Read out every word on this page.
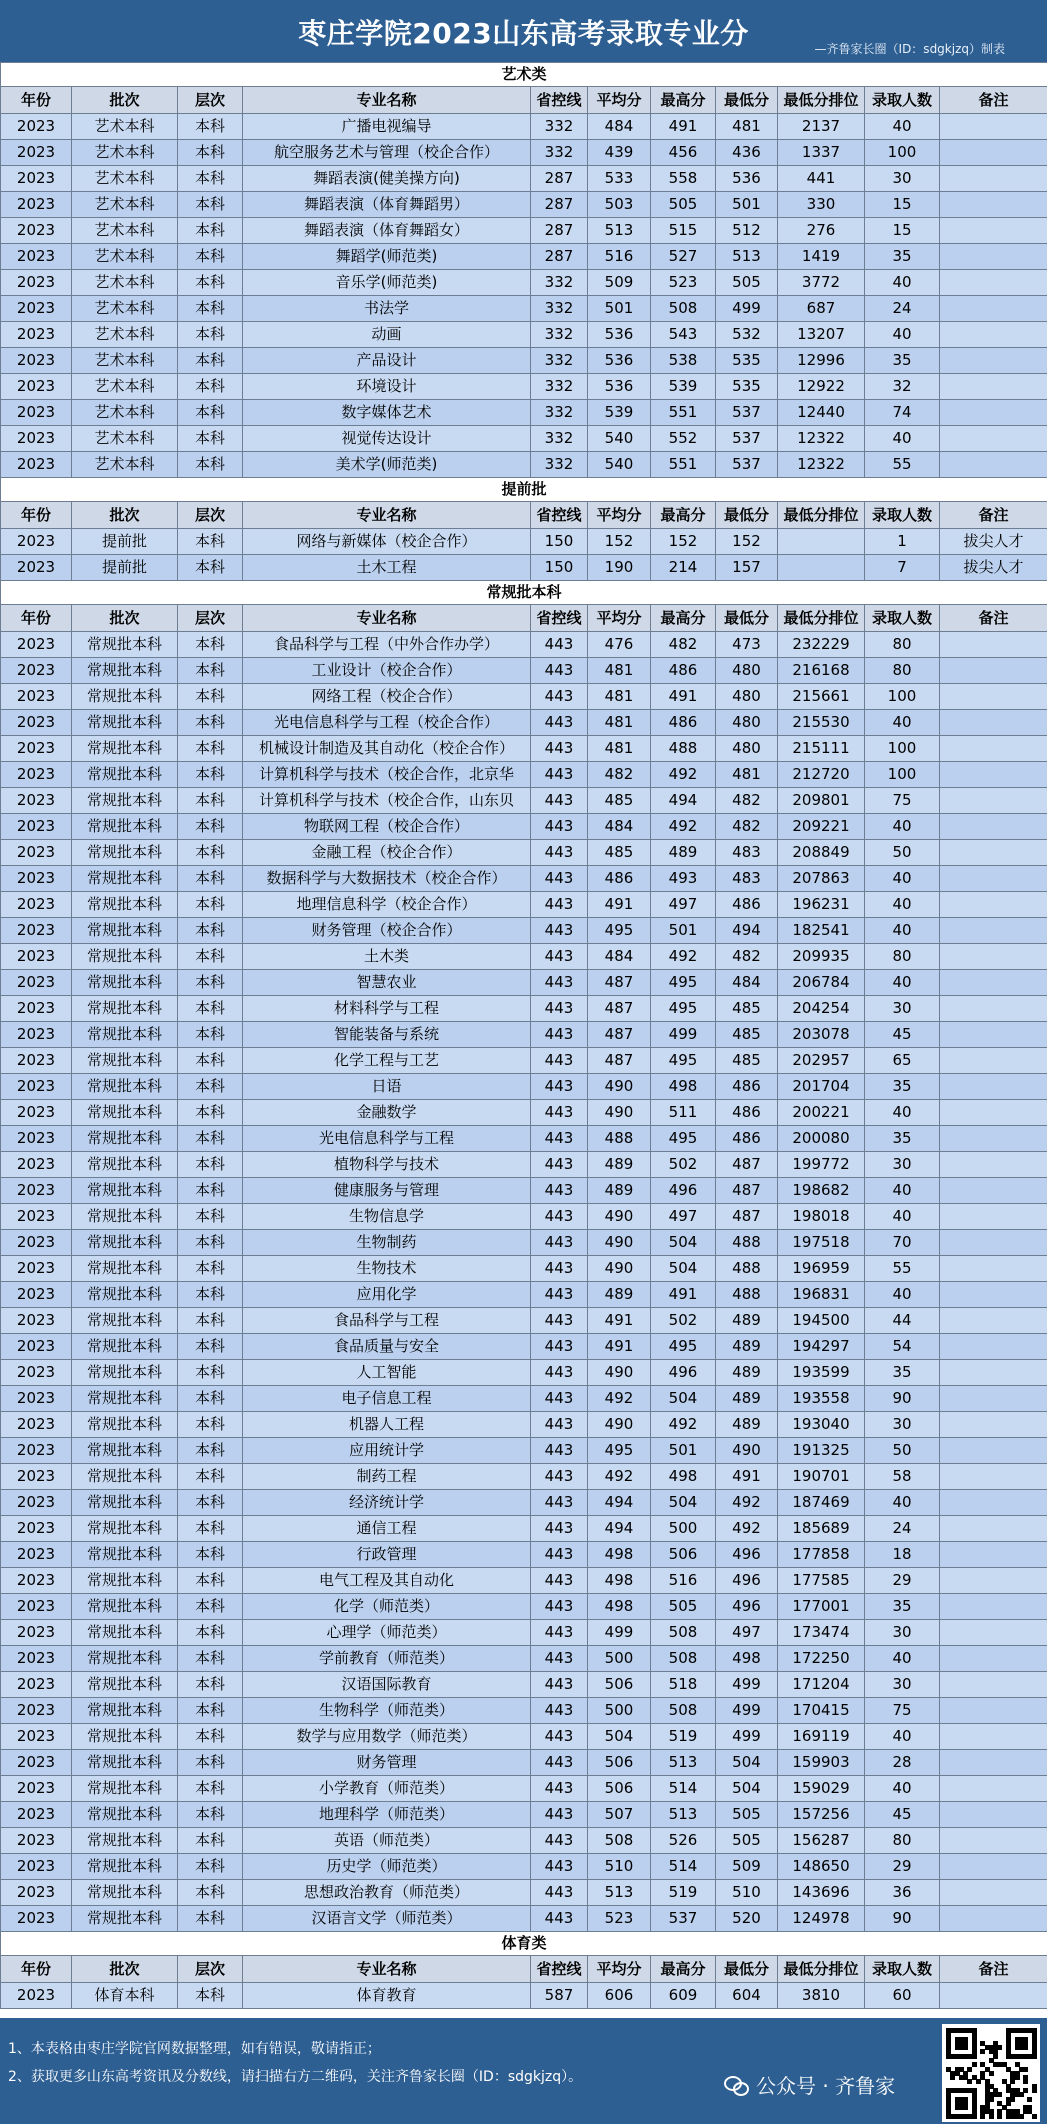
枣庄学院2023山东高考录取专业分	—齐鲁家长圈（ID：sdgkjzq）制表
艺术类										
年份	批次	层次	专业名称	省控线	平均分	最高分	最低分	最低分排位	录取人数	备注
2023	艺术本科	本科	广播电视编导	332	484	491	481	2137	40	
2023	艺术本科	本科	航空服务艺术与管理（校企合作）	332	439	456	436	1337	100	
2023	艺术本科	本科	舞蹈表演(健美操方向)	287	533	558	536	441	30	
2023	艺术本科	本科	舞蹈表演（体育舞蹈男）	287	503	505	501	330	15	
2023	艺术本科	本科	舞蹈表演（体育舞蹈女）	287	513	515	512	276	15	
2023	艺术本科	本科	舞蹈学(师范类)	287	516	527	513	1419	35	
2023	艺术本科	本科	音乐学(师范类)	332	509	523	505	3772	40	
2023	艺术本科	本科	书法学	332	501	508	499	687	24	
2023	艺术本科	本科	动画	332	536	543	532	13207	40	
2023	艺术本科	本科	产品设计	332	536	538	535	12996	35	
2023	艺术本科	本科	环境设计	332	536	539	535	12922	32	
2023	艺术本科	本科	数字媒体艺术	332	539	551	537	12440	74	
2023	艺术本科	本科	视觉传达设计	332	540	552	537	12322	40	
2023	艺术本科	本科	美术学(师范类)	332	540	551	537	12322	55	
提前批										
年份	批次	层次	专业名称	省控线	平均分	最高分	最低分	最低分排位	录取人数	备注
2023	提前批	本科	网络与新媒体（校企合作）	150	152	152	152		1	拔尖人才
2023	提前批	本科	土木工程	150	190	214	157		7	拔尖人才
常规批本科										
年份	批次	层次	专业名称	省控线	平均分	最高分	最低分	最低分排位	录取人数	备注
2023	常规批本科	本科	食品科学与工程（中外合作办学）	443	476	482	473	232229	80	
2023	常规批本科	本科	工业设计（校企合作）	443	481	486	480	216168	80	
2023	常规批本科	本科	网络工程（校企合作）	443	481	491	480	215661	100	
2023	常规批本科	本科	光电信息科学与工程（校企合作）	443	481	486	480	215530	40	
2023	常规批本科	本科	机械设计制造及其自动化（校企合作）	443	481	488	480	215111	100	
2023	常规批本科	本科	计算机科学与技术（校企合作，北京华	443	482	492	481	212720	100	
2023	常规批本科	本科	计算机科学与技术（校企合作，山东贝	443	485	494	482	209801	75	
2023	常规批本科	本科	物联网工程（校企合作）	443	484	492	482	209221	40	
2023	常规批本科	本科	金融工程（校企合作）	443	485	489	483	208849	50	
2023	常规批本科	本科	数据科学与大数据技术（校企合作）	443	486	493	483	207863	40	
2023	常规批本科	本科	地理信息科学（校企合作）	443	491	497	486	196231	40	
2023	常规批本科	本科	财务管理（校企合作）	443	495	501	494	182541	40	
2023	常规批本科	本科	土木类	443	484	492	482	209935	80	
2023	常规批本科	本科	智慧农业	443	487	495	484	206784	40	
2023	常规批本科	本科	材料科学与工程	443	487	495	485	204254	30	
2023	常规批本科	本科	智能装备与系统	443	487	499	485	203078	45	
2023	常规批本科	本科	化学工程与工艺	443	487	495	485	202957	65	
2023	常规批本科	本科	日语	443	490	498	486	201704	35	
2023	常规批本科	本科	金融数学	443	490	511	486	200221	40	
2023	常规批本科	本科	光电信息科学与工程	443	488	495	486	200080	35	
2023	常规批本科	本科	植物科学与技术	443	489	502	487	199772	30	
2023	常规批本科	本科	健康服务与管理	443	489	496	487	198682	40	
2023	常规批本科	本科	生物信息学	443	490	497	487	198018	40	
2023	常规批本科	本科	生物制药	443	490	504	488	197518	70	
2023	常规批本科	本科	生物技术	443	490	504	488	196959	55	
2023	常规批本科	本科	应用化学	443	489	491	488	196831	40	
2023	常规批本科	本科	食品科学与工程	443	491	502	489	194500	44	
2023	常规批本科	本科	食品质量与安全	443	491	495	489	194297	54	
2023	常规批本科	本科	人工智能	443	490	496	489	193599	35	
2023	常规批本科	本科	电子信息工程	443	492	504	489	193558	90	
2023	常规批本科	本科	机器人工程	443	490	492	489	193040	30	
2023	常规批本科	本科	应用统计学	443	495	501	490	191325	50	
2023	常规批本科	本科	制药工程	443	492	498	491	190701	58	
2023	常规批本科	本科	经济统计学	443	494	504	492	187469	40	
2023	常规批本科	本科	通信工程	443	494	500	492	185689	24	
2023	常规批本科	本科	行政管理	443	498	506	496	177858	18	
2023	常规批本科	本科	电气工程及其自动化	443	498	516	496	177585	29	
2023	常规批本科	本科	化学（师范类）	443	498	505	496	177001	35	
2023	常规批本科	本科	心理学（师范类）	443	499	508	497	173474	30	
2023	常规批本科	本科	学前教育（师范类）	443	500	508	498	172250	40	
2023	常规批本科	本科	汉语国际教育	443	506	518	499	171204	30	
2023	常规批本科	本科	生物科学（师范类）	443	500	508	499	170415	75	
2023	常规批本科	本科	数学与应用数学（师范类）	443	504	519	499	169119	40	
2023	常规批本科	本科	财务管理	443	506	513	504	159903	28	
2023	常规批本科	本科	小学教育（师范类）	443	506	514	504	159029	40	
2023	常规批本科	本科	地理科学（师范类）	443	507	513	505	157256	45	
2023	常规批本科	本科	英语（师范类）	443	508	526	505	156287	80	
2023	常规批本科	本科	历史学（师范类）	443	510	514	509	148650	29	
2023	常规批本科	本科	思想政治教育（师范类）	443	513	519	510	143696	36	
2023	常规批本科	本科	汉语言文学（师范类）	443	523	537	520	124978	90	
体育类										
年份	批次	层次	专业名称	省控线	平均分	最高分	最低分	最低分排位	录取人数	备注
2023	体育本科	本科	体育教育	587	606	609	604	3810	60	
1、本表格由枣庄学院官网数据整理，如有错误，敬请指正；
2、获取更多山东高考资讯及分数线，请扫描右方二维码，关注齐鲁家长圈（ID：sdgkjzq）。	公众号 · 齐鲁家
